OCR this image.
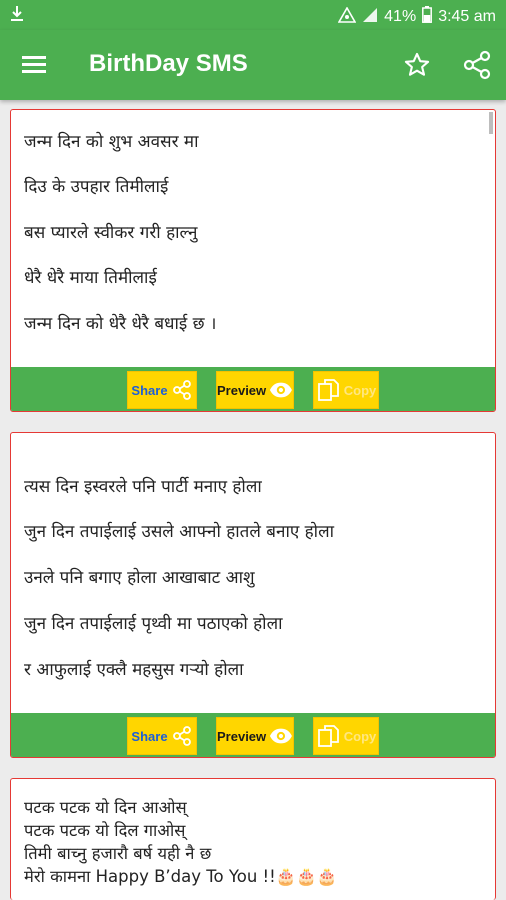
41% 3:45 am
BirthDay SMS
जन्म दिन को शुभ अवसर मा
दिउ के उपहार तिमीलाई
बस प्यारले स्वीकर गरी हाल्नु
धेरै धेरै माया तिमीलाई
जन्म दिन को धेरै धेरै बधाई छ ।
Share	Preview	Copy
त्यस दिन इस्वरले पनि पार्टी मनाए होला
जुन दिन तपाईलाई उसले आफ्नो हातले बनाए होला
उनले पनि बगाए होला आखाबाट आशु
जुन दिन तपाईलाई पृथ्वी मा पठाएको होला
र आफुलाई एक्लै महसुस गर्‍यो होला
Share	Preview	Copy
पटक पटक यो दिन आओस्
पटक पटक यो दिल गाओस्
तिमी बाच्नु हजारौ बर्ष यही नै छ
मेरो कामना Happy B’day To You !!🎂🎂🎂
